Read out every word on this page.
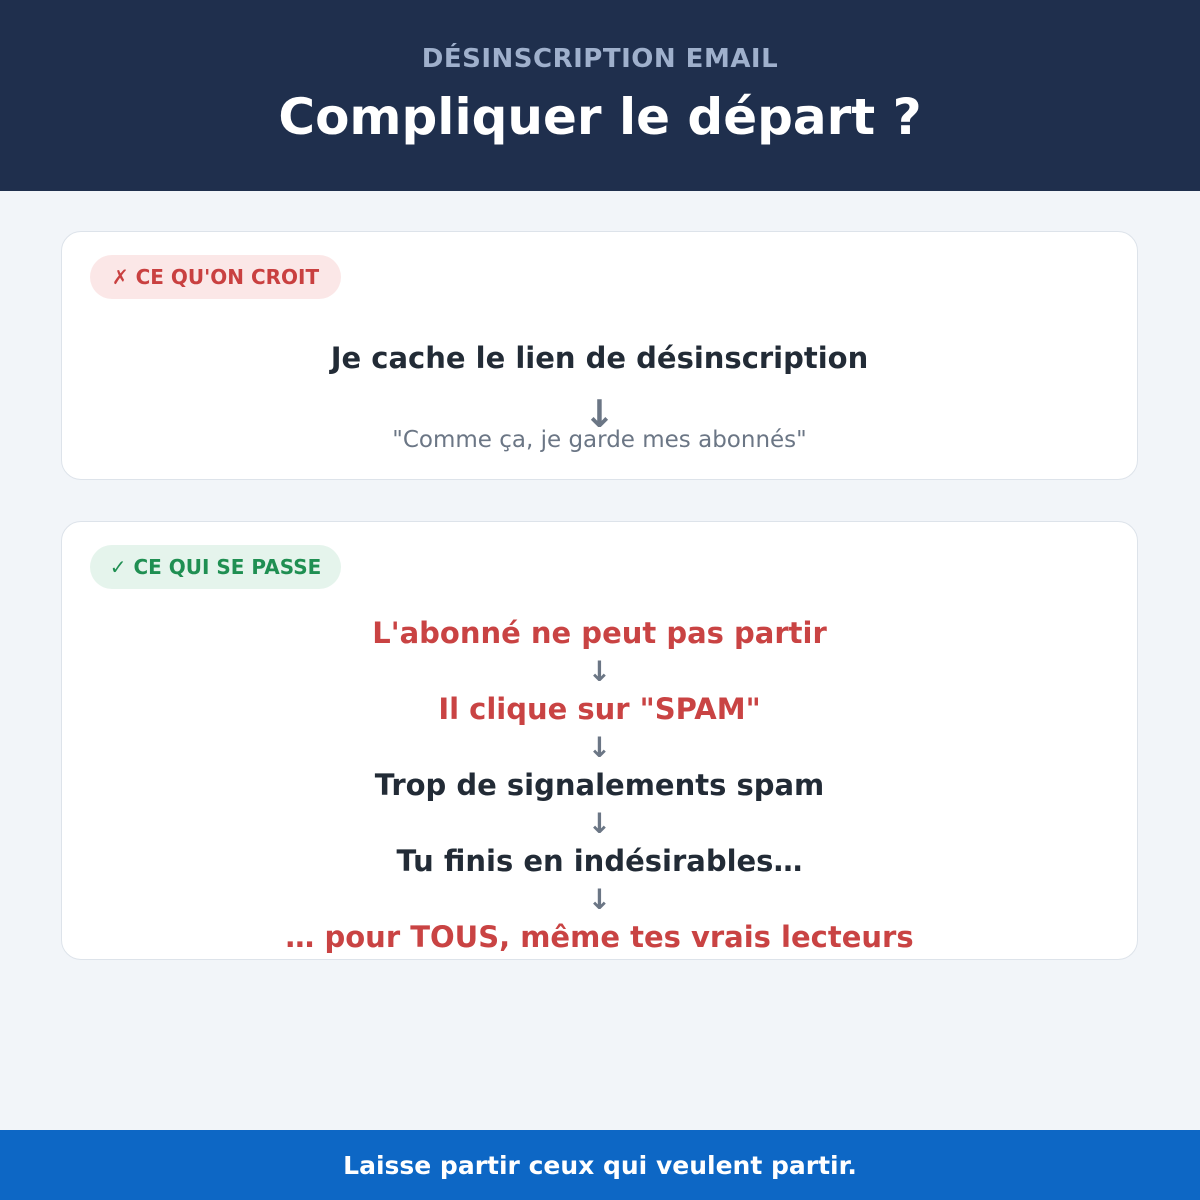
DÉSINSCRIPTION EMAIL
Compliquer le départ ?
✗
CE QU'ON CROIT
Je cache le lien de désinscription
↓
"Comme ça, je garde mes abonnés"
✓
CE QUI SE PASSE
L'abonné ne peut pas partir
↓
Il clique sur "SPAM"
↓
Trop de signalements spam
↓
Tu finis en indésirables…
↓
… pour TOUS, même tes vrais lecteurs
Laisse partir ceux qui veulent partir.
